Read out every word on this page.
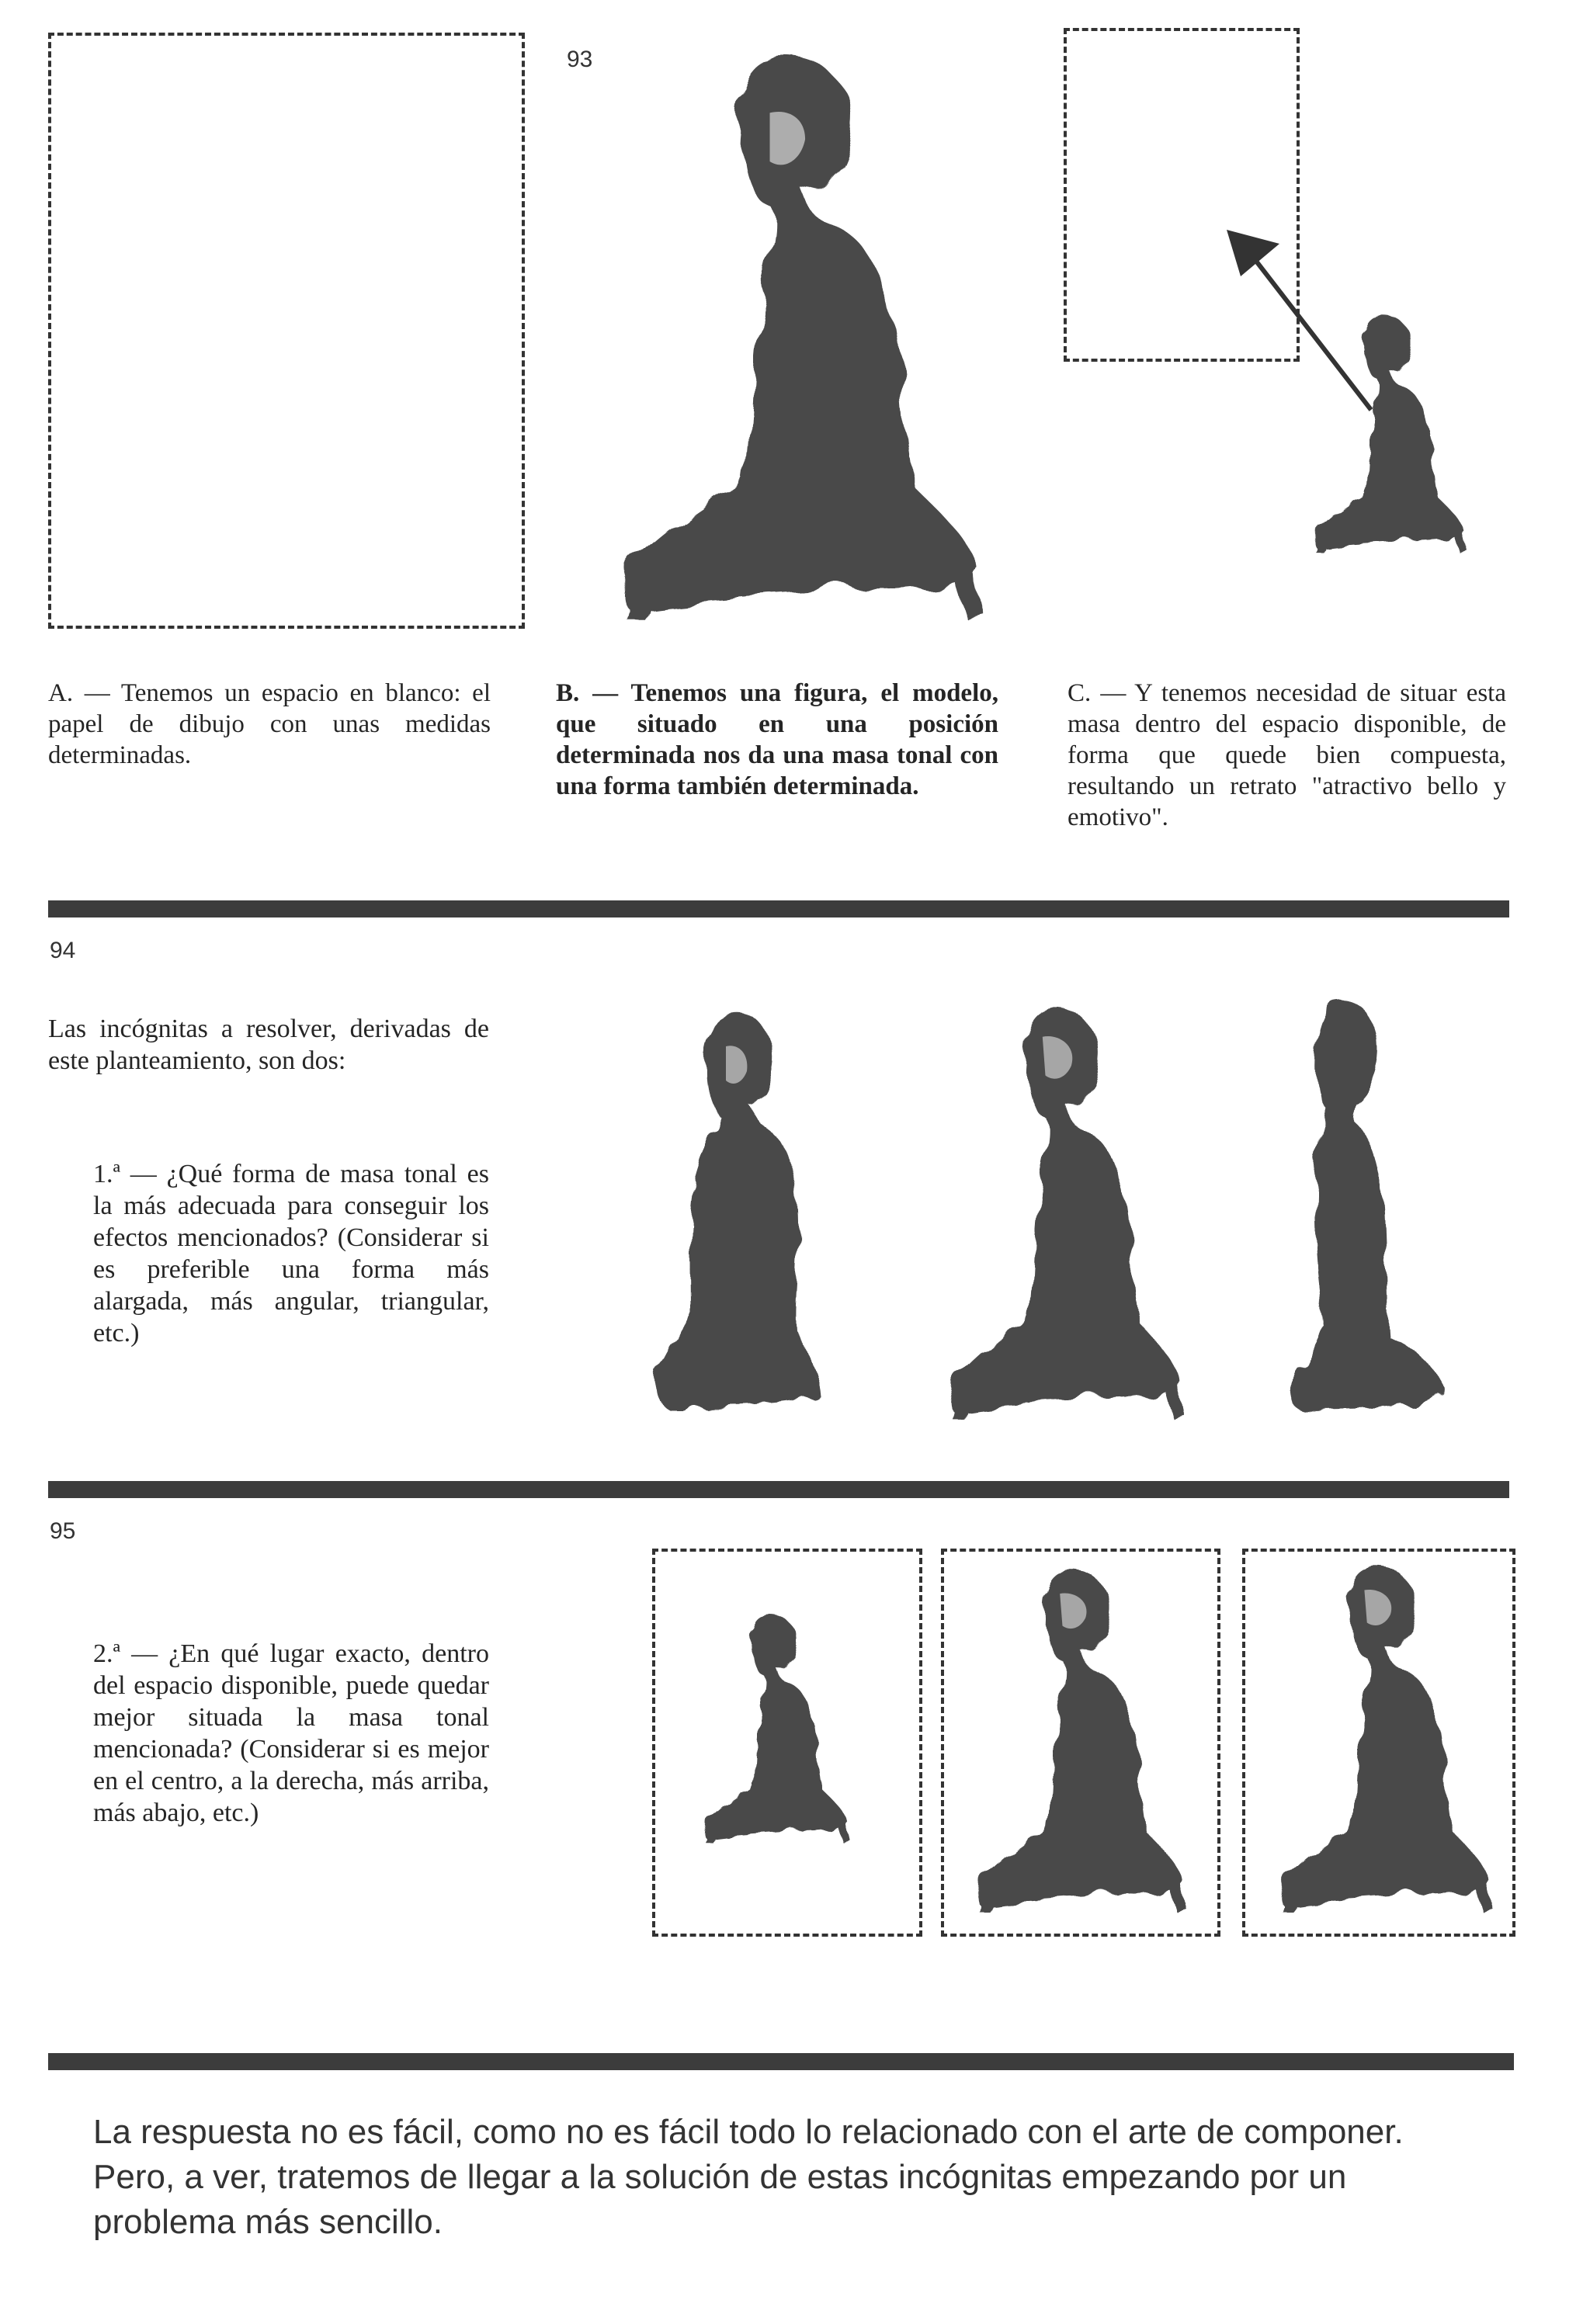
93
A. — Tenemos un espacio en blanco: el papel de dibujo con unas medidas determinadas.
B. — Tenemos una figura, el modelo, que situado en una posición determinada nos da una masa tonal con una forma también determinada.
C. — Y tenemos necesidad de situar esta masa dentro del espacio disponible, de forma que quede bien compuesta, resultando un retrato "atractivo bello y emotivo".
94
Las incógnitas a resolver, derivadas de este planteamiento, son dos:
1.ª — ¿Qué forma de masa tonal es la más adecuada para conseguir los efectos mencionados? (Considerar si es preferible una forma más alargada, más angular, triangular, etc.)
95
2.ª — ¿En qué lugar exacto, dentro del espacio disponible, puede quedar mejor situada la masa tonal mencionada? (Considerar si es mejor en el centro, a la derecha, más arriba, más abajo, etc.)
La respuesta no es fácil, como no es fácil todo lo relacionado con el arte de componer. Pero, a ver, tratemos de llegar a la solución de estas incógnitas empezando por un problema más sencillo.
